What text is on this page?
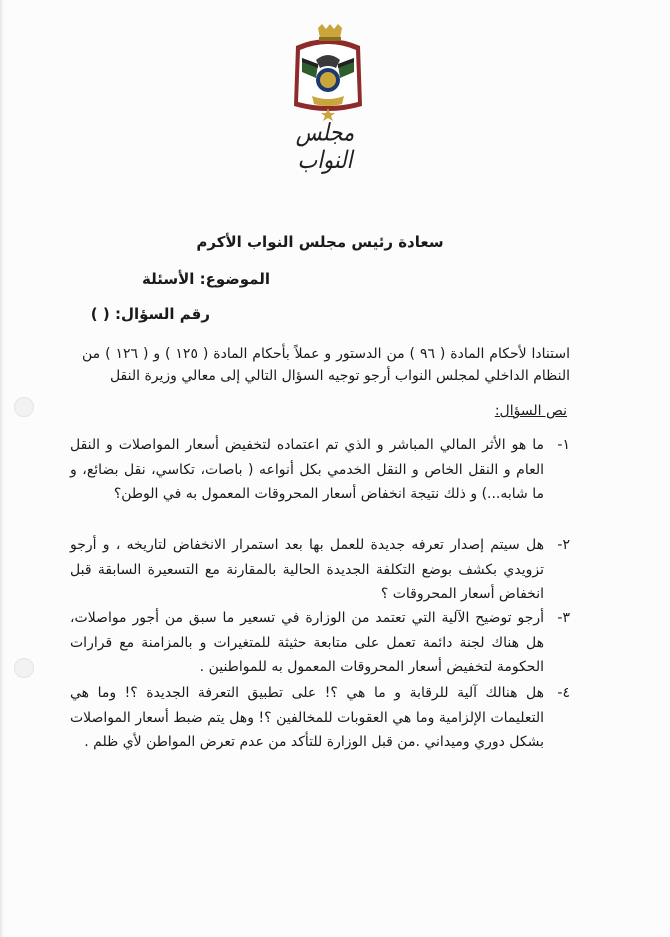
مجلس النواب
سعادة رئيس مجلس النواب الأكرم
الموضوع: الأسئلة
رقم السؤال: ( )
استنادا لأحكام المادة ( ٩٦ ) من الدستور و عملاً بأحكام المادة ( ١٢٥ ) و ( ١٢٦ ) من النظام الداخلي لمجلس النواب أرجو توجيه السؤال التالي إلى معالي وزيرة النقل
نص السؤال:
١-
ما هو الأثر المالي المباشر و الذي تم اعتماده لتخفيض أسعار المواصلات و النقل العام و النقل الخاص و النقل الخدمي بكل أنواعه ( باصات، تكاسي، نقل بضائع، و ما شابه...) و ذلك نتيجة انخفاض أسعار المحروقات المعمول به في الوطن؟
٢-
هل سيتم إصدار تعرفه جديدة للعمل بها بعد استمرار الانخفاض لتاريخه ، و أرجو تزويدي بكشف بوضع التكلفة الجديدة الحالية بالمقارنة مع التسعيرة السابقة قبل انخفاض أسعار المحروقات ؟
٣-
أرجو توضيح الآلية التي تعتمد من الوزارة في تسعير ما سبق من أجور مواصلات، هل هناك لجنة دائمة تعمل على متابعة حثيثة للمتغيرات و بالمزامنة مع قرارات الحكومة لتخفيض أسعار المحروقات المعمول به للمواطنين .
٤-
هل هنالك آلية للرقابة و ما هي ؟! على تطبيق التعرفة الجديدة ؟! وما هي التعليمات الإلزامية وما هي العقوبات للمخالفين ؟! وهل يتم ضبط أسعار المواصلات بشكل دوري وميداني .من قبل الوزارة للتأكد من عدم تعرض المواطن لأي ظلم .
